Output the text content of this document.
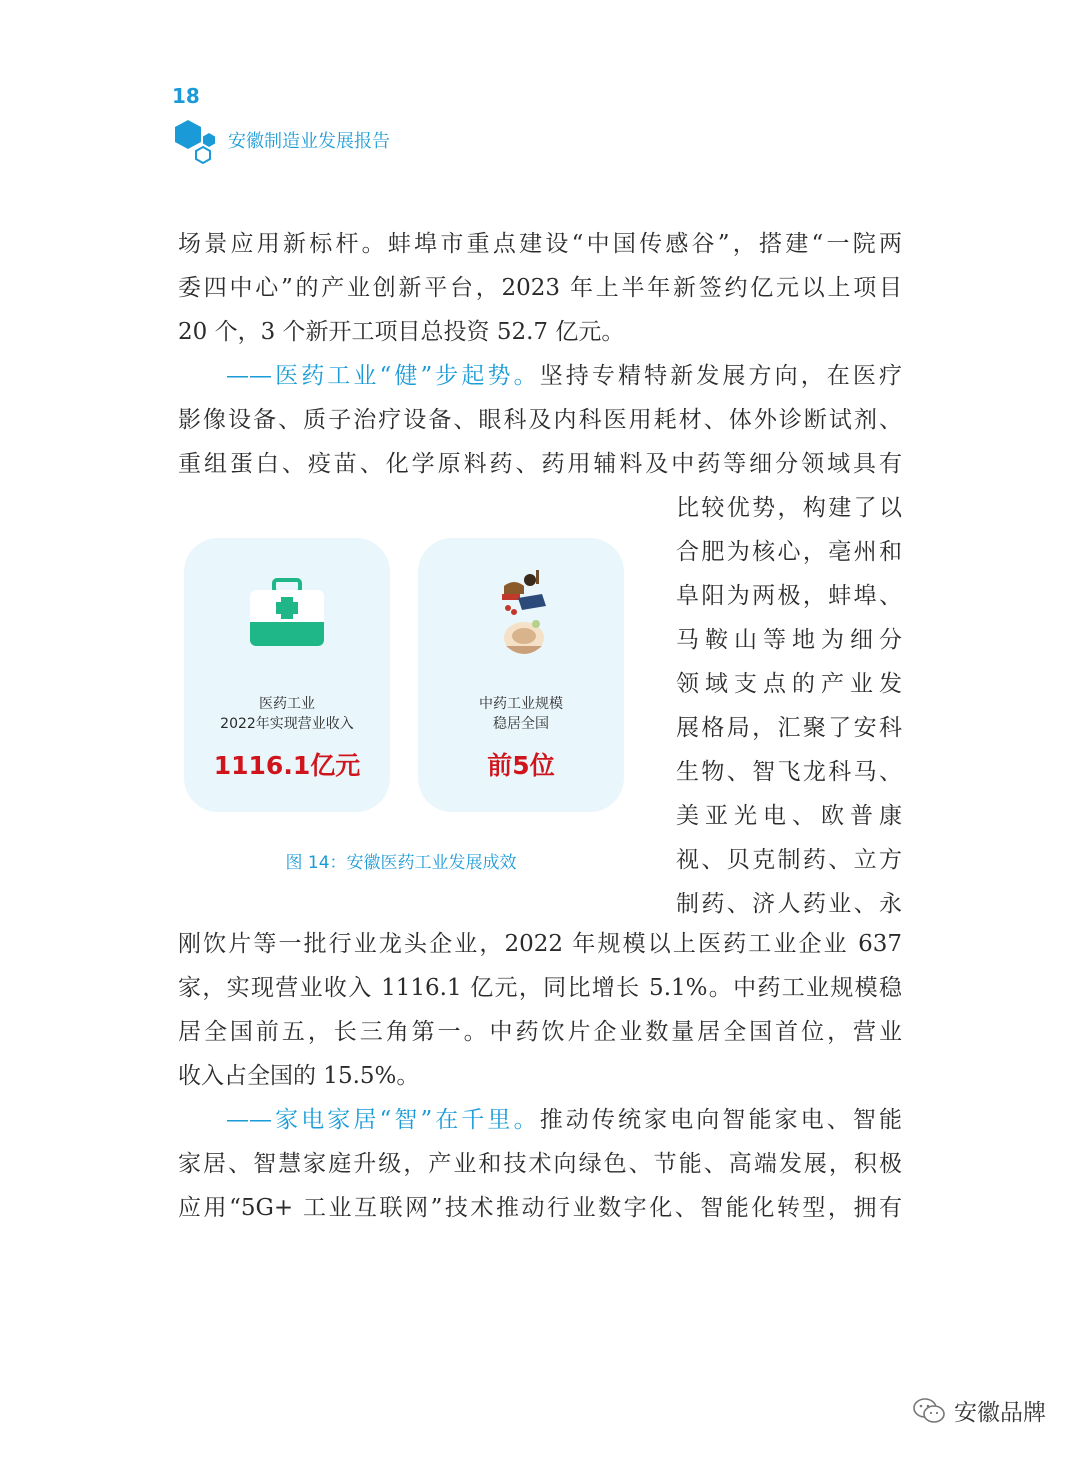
18
安徽制造业发展报告
场景应用新标杆。蚌埠市重点建设“中国传感谷”，搭建“一院两
委四中心”的产业创新平台，2023 年上半年新签约亿元以上项目
20 个，3 个新开工项目总投资 52.7 亿元。
——医药工业“健”步起势。坚持专精特新发展方向，在医疗
影像设备、质子治疗设备、眼科及内科医用耗材、体外诊断试剂、
重组蛋白、疫苗、化学原料药、药用辅料及中药等细分领域具有
比较优势，构建了以
合肥为核心，亳州和
阜阳为两极，蚌埠、
马鞍山等地为细分
领域支点的产业发
展格局，汇聚了安科
生物、智飞龙科马、
美亚光电、欧普康
视、贝克制药、立方
制药、济人药业、永
医药工业
2022年实现营业收入
1116.1亿元
中药工业规模
稳居全国
前5位
图 14：安徽医药工业发展成效
刚饮片等一批行业龙头企业，2022 年规模以上医药工业企业 637
家，实现营业收入 1116.1 亿元，同比增长 5.1%。中药工业规模稳
居全国前五，长三角第一。中药饮片企业数量居全国首位，营业
收入占全国的 15.5%。
——家电家居“智”在千里。推动传统家电向智能家电、智能
家居、智慧家庭升级，产业和技术向绿色、节能、高端发展，积极
应用“5G+ 工业互联网”技术推动行业数字化、智能化转型，拥有
安徽品牌
